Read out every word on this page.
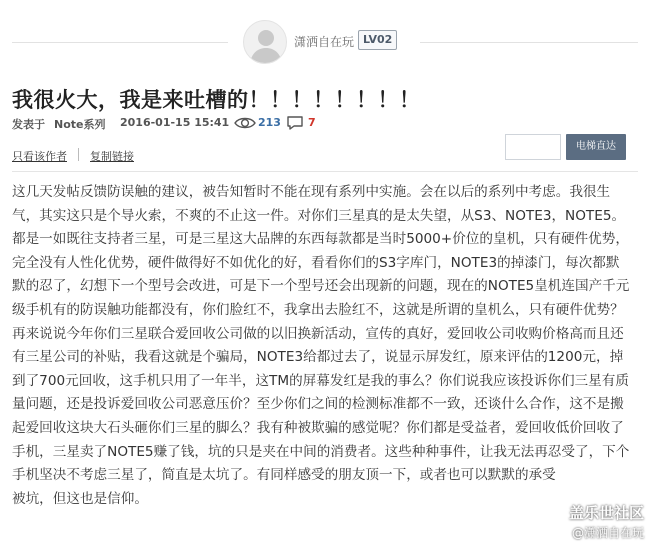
潇洒自在玩 LV02
我很火大，我是来吐槽的！！！！！！！！
发表于 Note系列 2016-01-15 15:41	213 7
只看该作者 复制链接
电梯直达
这几天发帖反馈防误触的建议，被告知暂时不能在现有系列中实施。会在以后的系列中考虑。我很生
气，其实这只是个导火索，不爽的不止这一件。对你们三星真的是太失望，从S3、NOTE3，NOTE5。
都是一如既往支持者三星，可是三星这大品牌的东西每款都是当时5000+价位的皇机，只有硬件优势，
完全没有人性化优势，硬件做得好不如优化的好，看看你们的S3字库门，NOTE3的掉漆门，每次都默
默的忍了，幻想下一个型号会改进，可是下一个型号还会出现新的问题，现在的NOTE5皇机连国产千元
级手机有的防误触功能都没有，你们脸红不，我拿出去脸红不，这就是所谓的皇机么，只有硬件优势？
再来说说今年你们三星联合爱回收公司做的以旧换新活动，宣传的真好，爱回收公司收购价格高而且还
有三星公司的补贴，我看这就是个骗局，NOTE3给都过去了，说显示屏发红，原来评估的1200元，掉
到了700元回收，这手机只用了一年半，这TM的屏幕发红是我的事么？你们说我应该投诉你们三星有质
量问题，还是投诉爱回收公司恶意压价？至少你们之间的检测标准都不一致，还谈什么合作，这不是搬
起爱回收这块大石头砸你们三星的脚么？我有种被欺骗的感觉呢？你们都是受益者，爱回收低价回收了
手机，三星卖了NOTE5赚了钱，坑的只是夹在中间的消费者。这些种种事件，让我无法再忍受了，下个
手机坚决不考虑三星了，简直是太坑了。有同样感受的朋友顶一下，或者也可以默默的承受
被坑，但这也是信仰。
盖乐世社区
@潇洒自在玩
